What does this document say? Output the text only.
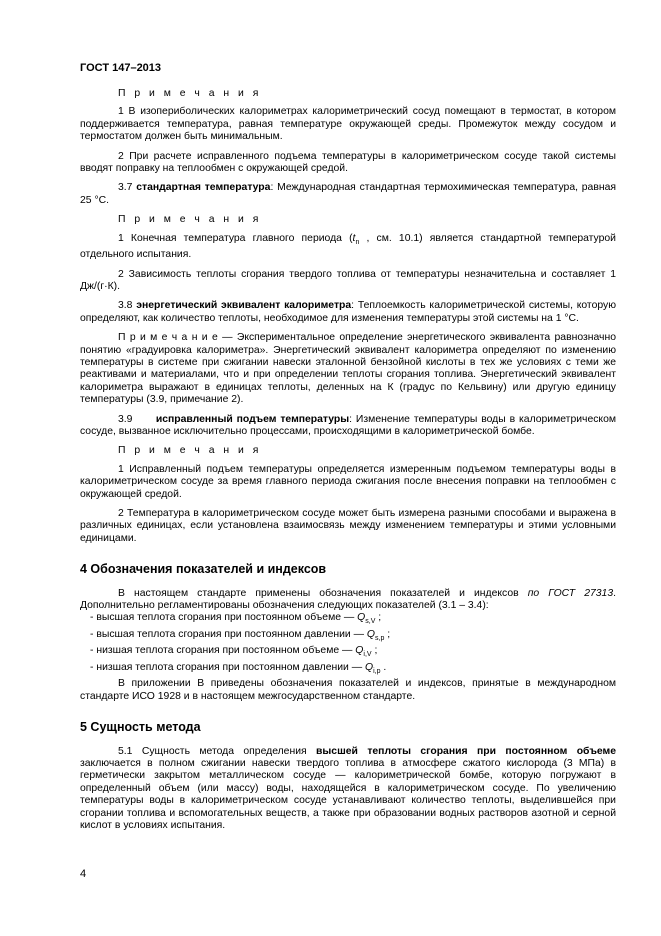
ГОСТ 147–2013
П р и м е ч а н и я

1 В изопериболических калориметрах калориметрический сосуд помещают в термостат, в котором поддерживается температура, равная температуре окружающей среды. Промежуток между сосудом и термостатом должен быть минимальным.

2 При расчете исправленного подъема температуры в калориметрическом сосуде такой системы вводят поправку на теплообмен с окружающей средой.

3.7 стандартная температура: Международная стандартная термохимическая температура, равная 25 °С.

П р и м е ч а н и я

1 Конечная температура главного периода ($t_n$ , см. 10.1) является стандартной температурой отдельного испытания.

2 Зависимость теплоты сгорания твердого топлива от температуры незначительна и составляет 1 Дж/(г·К).

3.8 энергетический эквивалент калориметра: Теплоемкость калориметрической системы, которую определяют, как количество теплоты, необходимое для изменения температуры этой системы на 1 °С.

П р и м е ч а н и е — Экспериментальное определение энергетического эквивалента равнозначно понятию «градуировка калориметра». Энергетический эквивалент калориметра определяют по изменению температуры в системе при сжигании навески эталонной бензойной кислоты в тех же условиях с теми же реактивами и материалами, что и при определении теплоты сгорания топлива. Энергетический эквивалент калориметра выражают в единицах теплоты, деленных на К (градус по Кельвину) или другую единицу температуры (3.9, примечание 2).

3.9 исправленный подъем температуры: Изменение температуры воды в калориметрическом сосуде, вызванное исключительно процессами, происходящими в калориметрической бомбе.

П р и м е ч а н и я

1 Исправленный подъем температуры определяется измеренным подъемом температуры воды в калориметрическом сосуде за время главного периода сжигания после внесения поправки на теплообмен с окружающей средой.

2 Температура в калориметрическом сосуде может быть измерена разными способами и выражена в различных единицах, если установлена взаимосвязь между изменением температуры и этими условными единицами.

4 Обозначения показателей и индексов

В настоящем стандарте применены обозначения показателей и индексов по ГОСТ 27313. Дополнительно регламентированы обозначения следующих показателей (3.1 – 3.4):

- высшая теплота сгорания при постоянном объеме — $Q_{s,V}$ ;
- высшая теплота сгорания при постоянном давлении — $Q_{s,p}$ ;
- низшая теплота сгорания при постоянном объеме — $Q_{i,V}$ ;
- низшая теплота сгорания при постоянном давлении — $Q_{i,p}$ .

В приложении В приведены обозначения показателей и индексов, принятые в международном стандарте ИСО 1928 и в настоящем межгосударственном стандарте.

5 Сущность метода

5.1 Сущность метода определения высшей теплоты сгорания при постоянном объеме заключается в полном сжигании навески твердого топлива в атмосфере сжатого кислорода (3 МПа) в герметически закрытом металлическом сосуде — калориметрической бомбе, которую погружают в определенный объем (или массу) воды, находящейся в калориметрическом сосуде. По увеличению температуры воды в калориметрическом сосуде устанавливают количество теплоты, выделившейся при сгорании топлива и вспомогательных веществ, а также при образовании водных растворов азотной и серной кислот в условиях испытания.

4
